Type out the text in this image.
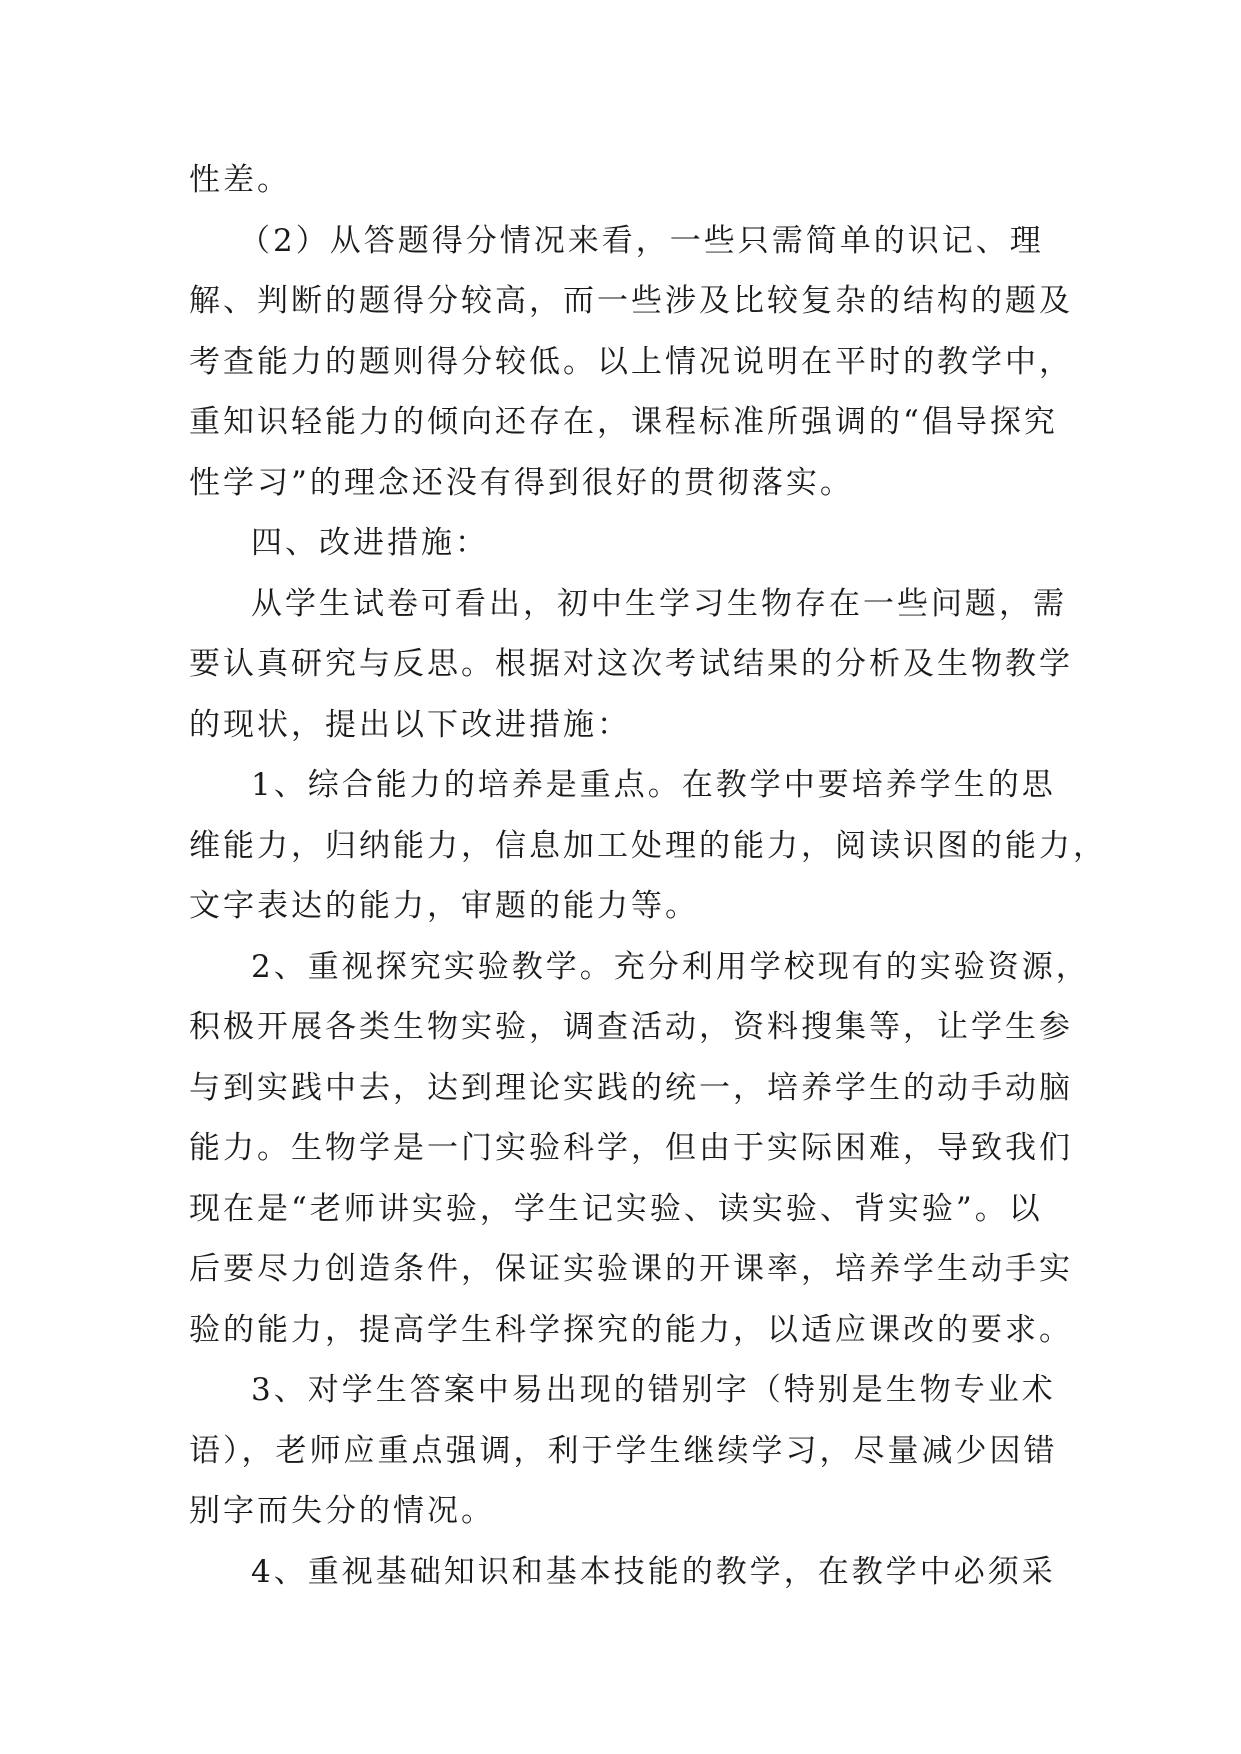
性差。
（2）从答题得分情况来看，一些只需简单的识记、理
解、判断的题得分较高，而一些涉及比较复杂的结构的题及
考查能力的题则得分较低。以上情况说明在平时的教学中，
重知识轻能力的倾向还存在，课程标准所强调的“倡导探究
性学习”的理念还没有得到很好的贯彻落实。
四、改进措施：
从学生试卷可看出，初中生学习生物存在一些问题，需
要认真研究与反思。根据对这次考试结果的分析及生物教学
的现状，提出以下改进措施：
1、综合能力的培养是重点。在教学中要培养学生的思
维能力，归纳能力，信息加工处理的能力，阅读识图的能力，
文字表达的能力，审题的能力等。
2、重视探究实验教学。充分利用学校现有的实验资源，
积极开展各类生物实验，调查活动，资料搜集等，让学生参
与到实践中去，达到理论实践的统一，培养学生的动手动脑
能力。生物学是一门实验科学，但由于实际困难，导致我们
现在是“老师讲实验，学生记实验、读实验、背实验”。以
后要尽力创造条件，保证实验课的开课率，培养学生动手实
验的能力，提高学生科学探究的能力，以适应课改的要求。
3、对学生答案中易出现的错别字（特别是生物专业术
语），老师应重点强调，利于学生继续学习，尽量减少因错
别字而失分的情况。
4、重视基础知识和基本技能的教学，在教学中必须采
